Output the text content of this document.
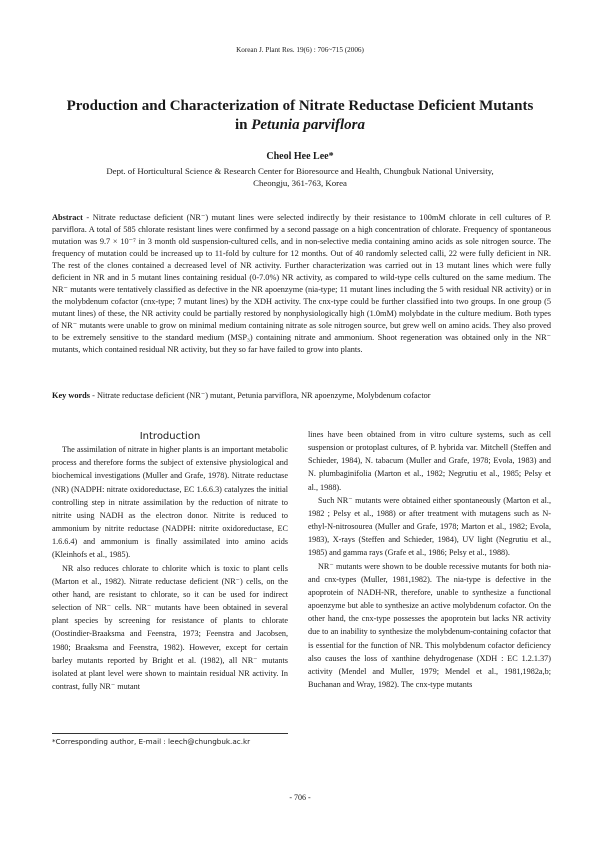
Korean J. Plant Res. 19(6) : 706~715 (2006)
Production and Characterization of Nitrate Reductase Deficient Mutants
in Petunia parviflora
Cheol Hee Lee*
Dept. of Horticultural Science & Research Center for Bioresource and Health, Chungbuk National University,
Cheongju, 361-763, Korea
Abstract - Nitrate reductase deficient (NR⁻) mutant lines were selected indirectly by their resistance to 100mM chlorate in cell cultures of P. parviflora. A total of 585 chlorate resistant lines were confirmed by a second passage on a high concentration of chlorate. Frequency of spontaneous mutation was 9.7 × 10⁻⁷ in 3 month old suspension-cultured cells, and in non-selective media containing amino acids as sole nitrogen source. The frequency of mutation could be increased up to 11-fold by culture for 12 months. Out of 40 randomly selected calli, 22 were fully deficient in NR. The rest of the clones contained a decreased level of NR activity. Further characterization was carried out in 13 mutant lines which were fully deficient in NR and in 5 mutant lines containing residual (0-7.0%) NR activity, as compared to wild-type cells cultured on the same medium. The NR⁻ mutants were tentatively classified as defective in the NR apoenzyme (nia-type; 11 mutant lines including the 5 with residual NR activity) or in the molybdenum cofactor (cnx-type; 7 mutant lines) by the XDH activity. The cnx-type could be further classified into two groups. In one group (5 mutant lines) of these, the NR activity could be partially restored by nonphysiologically high (1.0mM) molybdate in the culture medium. Both types of NR⁻ mutants were unable to grow on minimal medium containing nitrate as sole nitrogen source, but grew well on amino acids. They also proved to be extremely sensitive to the standard medium (MSP₃) containing nitrate and ammonium. Shoot regeneration was obtained only in the NR⁻ mutants, which contained residual NR activity, but they so far have failed to grow into plants.
Key words - Nitrate reductase deficient (NR⁻) mutant, Petunia parviflora, NR apoenzyme, Molybdenum cofactor

Introduction

The assimilation of nitrate in higher plants is an important metabolic process and therefore forms the subject of extensive physiological and biochemical investigations (Muller and Grafe, 1978). Nitrate reductase (NR) (NADPH: nitrate oxidoreductase, EC 1.6.6.3) catalyzes the initial controlling step in nitrate assimilation by the reduction of nitrate to nitrite using NADH as the electron donor. Nitrite is reduced to ammonium by nitrite reductase (NADPH: nitrite oxidoreductase, EC 1.6.6.4) and ammonium is finally assimilated into amino acids (Kleinhofs et al., 1985).

NR also reduces chlorate to chlorite which is toxic to plant cells (Marton et al., 1982). Nitrate reductase deficient (NR⁻) cells, on the other hand, are resistant to chlorate, so it can be used for indirect selection of NR⁻ cells. NR⁻ mutants have been obtained in several plant species by screening for resistance of plants to chlorate (Oostindier-Braaksma and Feenstra, 1973; Feenstra and Jacobsen, 1980; Braaksma and Feenstra, 1982). However, except for certain barley mutants reported by Bright et al. (1982), all NR⁻ mutants isolated at plant level were shown to maintain residual NR activity. In contrast, fully NR⁻ mutant

lines have been obtained from in vitro culture systems, such as cell suspension or protoplast cultures, of P. hybrida var. Mitchell (Steffen and Schieder, 1984), N. tabacum (Muller and Grafe, 1978; Evola, 1983) and N. plumbaginifolia (Marton et al., 1982; Negrutiu et al., 1985; Pelsy et al., 1988).

Such NR⁻ mutants were obtained either spontaneously (Marton et al., 1982 ; Pelsy et al., 1988) or after treatment with mutagens such as N-ethyl-N-nitrosourea (Muller and Grafe, 1978; Marton et al., 1982; Evola, 1983), X-rays (Steffen and Schieder, 1984), UV light (Negrutiu et al., 1985) and gamma rays (Grafe et al., 1986; Pelsy et al., 1988).

NR⁻ mutants were shown to be double recessive mutants for both nia- and cnx-types (Muller, 1981,1982). The nia-type is defective in the apoprotein of NADH-NR, therefore, unable to synthesize a functional apoenzyme but able to synthesize an active molybdenum cofactor. On the other hand, the cnx-type possesses the apoprotein but lacks NR activity due to an inability to synthesize the molybdenum-containing cofactor that is essential for the function of NR. This molybdenum cofactor deficiency also causes the loss of xanthine dehydrogenase (XDH : EC 1.2.1.37) activity (Mendel and Muller, 1979; Mendel et al., 1981,1982a,b; Buchanan and Wray, 1982). The cnx-type mutants

*Corresponding author, E-mail : leech@chungbuk.ac.kr
- 706 -
